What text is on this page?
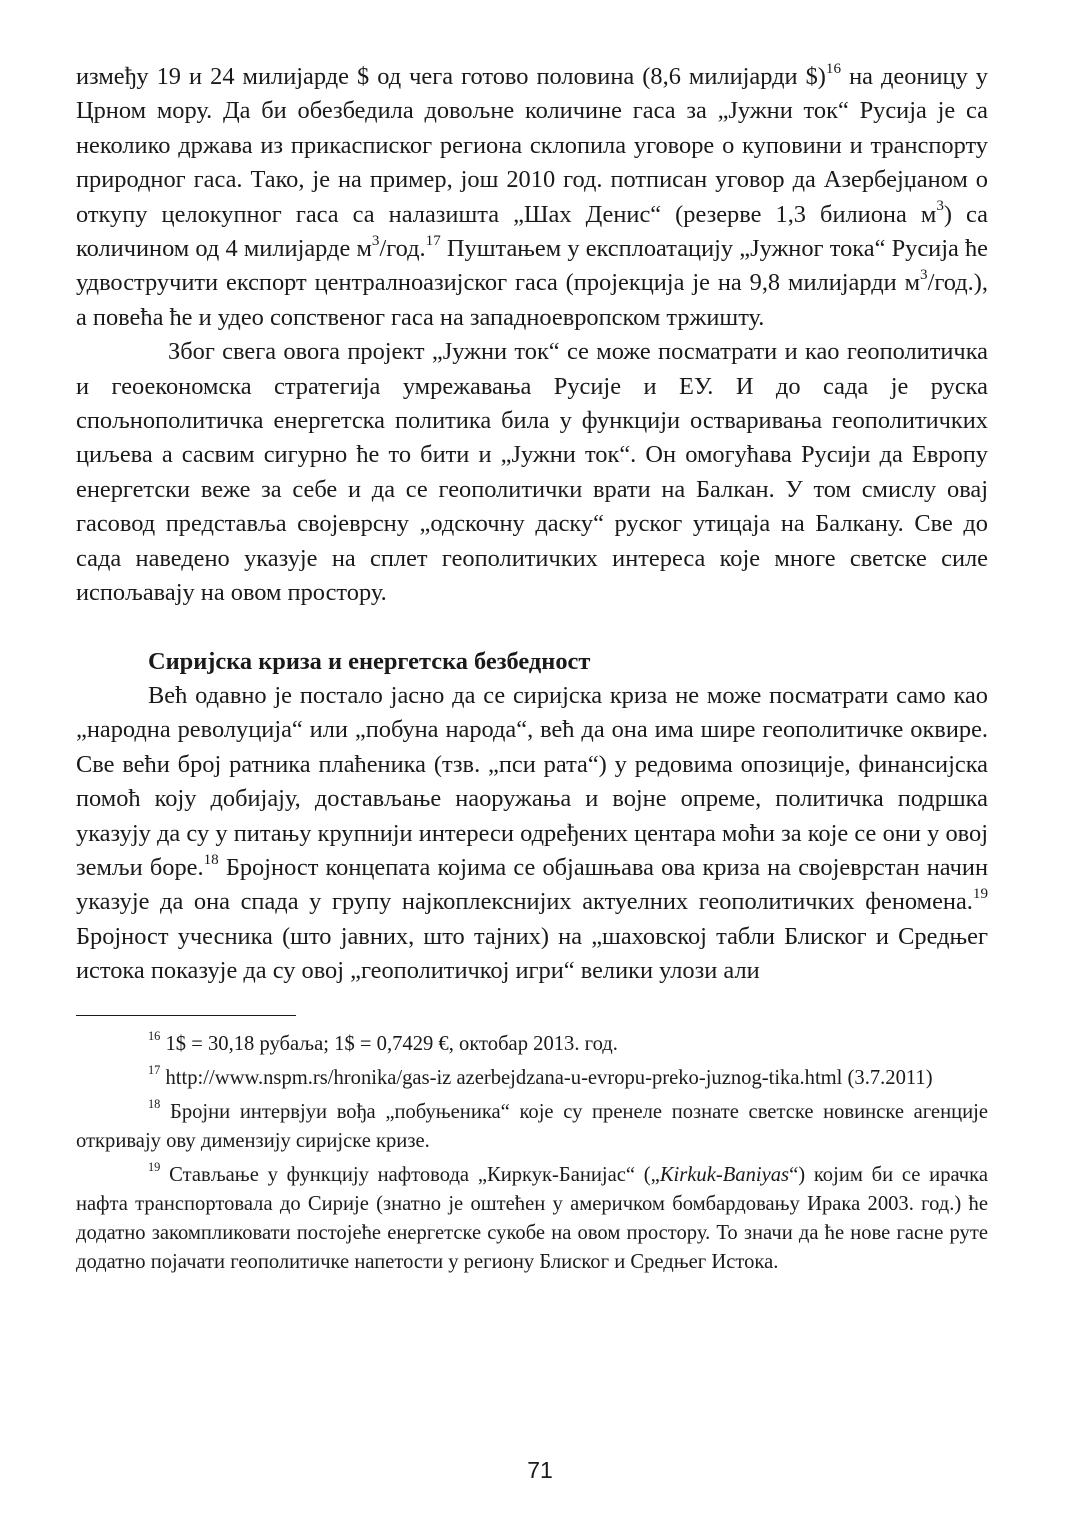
између 19 и 24 милијарде $ од чега готово половина (8,6 милијарди $)$^{16}$ на деоницу у Црном мору. Да би обезбедила довољне количине гаса за „Јужни ток“ Русија је са неколико држава из прикасписког региона склопила уговоре о куповини и транспорту природног гаса. Тако, је на пример, још 2010 год. потписан уговор да Азербејџаном о откупу целокупног гаса са налазишта „Шах Денис“ (резерве 1,3 билиона $м^3$) са количином од 4 милијарде $м^3/год.^{17}$ Пуштањем у експлоатацију „Јужног тока“ Русија ће удвостручити експорт централноазијског гаса (пројекција је на 9,8 милијарди $м^3/год$.), а повећа ће и удео сопственог гаса на западноевропском тржишту.

Због свега овога пројект „Јужни ток“ се може посматрати и као геополитичка и геоекономска стратегија умрежавања Русије и ЕУ. И до сада је руска спољнополитичка енергетска политика била у функцији остваривања геополитичких циљева а сасвим сигурно ће то бити и „Јужни ток“. Он омогућава Русији да Европу енергетски веже за себе и да се геополитички врати на Балкан. У том смислу овај гасовод представља својеврсну „одскочну даску“ руског утицаја на Балкану. Све до сада наведено указује на сплет геополитичких интереса које многе светске силе испољавају на овом простору.

Сиријска криза и енергетска безбедност

Већ одавно је постало јасно да се сиријска криза не може посматрати само као „народна револуција“ или „побуна народа“, већ да она има шире геополитичке оквире. Све већи број ратника плаћеника (тзв. „пси рата“) у редовима опозиције, финансијска помоћ коју добијају, достављање наоружања и војне опреме, политичка подршка указују да су у питању крупнији интереси одређених центара моћи за које се они у овој земљи боре.$^{18}$ Бројност концепата којима се објашњава ова криза на својеврстан начин указује да она спада у групу најкоплекснијих актуелних геополитичких феномена.$^{19}$ Бројност учесника (што јавних, што тајних) на „шаховској табли Блиског и Средњег истока показује да су овој „геополитичкој игри“ велики улози али

$^{16}$ 1$ = 30,18 рубаља; 1$ = 0,7429 €, октобар 2013. год.

$^{17}$ http://www.nspm.rs/hronika/gas-iz azerbejdzana-u-evropu-preko-juznog-tika.html (3.7.2011)

$^{18}$ Бројни интервјуи вођа „побуњеника“ које су пренеле познате светске новинске агенције откривају ову димензију сиријске кризе.

$^{19}$ Стављање у функцију нафтовода „Киркук-Банијас“ („Kirkuk-Baniyas“) којим би се ирачка нафта транспортовала до Сирије (знатно је оштећен у америчком бомбардовању Ирака 2003. год.) ће додатно закомпликовати постојеће енергетске сукобе на овом простору. То значи да ће нове гасне руте додатно појачати геополитичке напетости у региону Блиског и Средњег Истока.

71
